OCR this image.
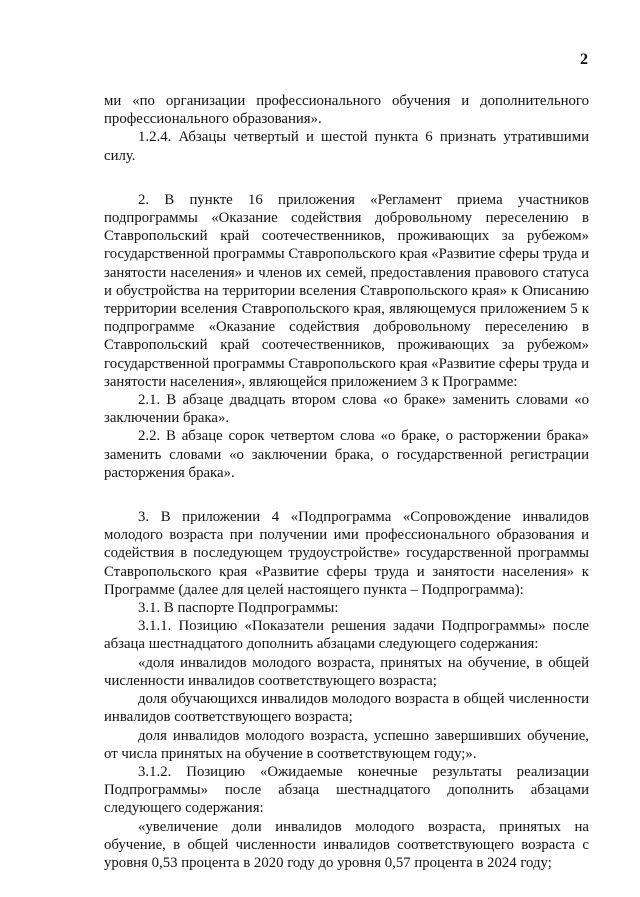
2

ми «по организации профессионального обучения и дополнительного профессионального образования».

1.2.4. Абзацы четвертый и шестой пункта 6 признать утратившими силу.

2. В пункте 16 приложения «Регламент приема участников подпрограммы «Оказание содействия добровольному переселению в Ставропольский край соотечественников, проживающих за рубежом» государственной программы Ставропольского края «Развитие сферы труда и занятости населения» и членов их семей, предоставления правового статуса и обустройства на территории вселения Ставропольского края» к Описанию территории вселения Ставропольского края, являющемуся приложением 5 к подпрограмме «Оказание содействия добровольному переселению в Ставропольский край соотечественников, проживающих за рубежом» государственной программы Ставропольского края «Развитие сферы труда и занятости населения», являющейся приложением 3 к Программе:

2.1. В абзаце двадцать втором слова «о браке» заменить словами «о заключении брака».

2.2. В абзаце сорок четвертом слова «о браке, о расторжении брака» заменить словами «о заключении брака, о государственной регистрации расторжения брака».

3. В приложении 4 «Подпрограмма «Сопровождение инвалидов молодого возраста при получении ими профессионального образования и содействия в последующем трудоустройстве» государственной программы Ставропольского края «Развитие сферы труда и занятости населения» к Программе (далее для целей настоящего пункта – Подпрограмма):

3.1. В паспорте Подпрограммы:

3.1.1. Позицию «Показатели решения задачи Подпрограммы» после абзаца шестнадцатого дополнить абзацами следующего содержания:

«доля инвалидов молодого возраста, принятых на обучение, в общей численности инвалидов соответствующего возраста;

доля обучающихся инвалидов молодого возраста в общей численности инвалидов соответствующего возраста;

доля инвалидов молодого возраста, успешно завершивших обучение, от числа принятых на обучение в соответствующем году;».

3.1.2. Позицию «Ожидаемые конечные результаты реализации Подпрограммы» после абзаца шестнадцатого дополнить абзацами следующего содержания:

«увеличение доли инвалидов молодого возраста, принятых на обучение, в общей численности инвалидов соответствующего возраста с уровня 0,53 процента в 2020 году до уровня 0,57 процента в 2024 году;
